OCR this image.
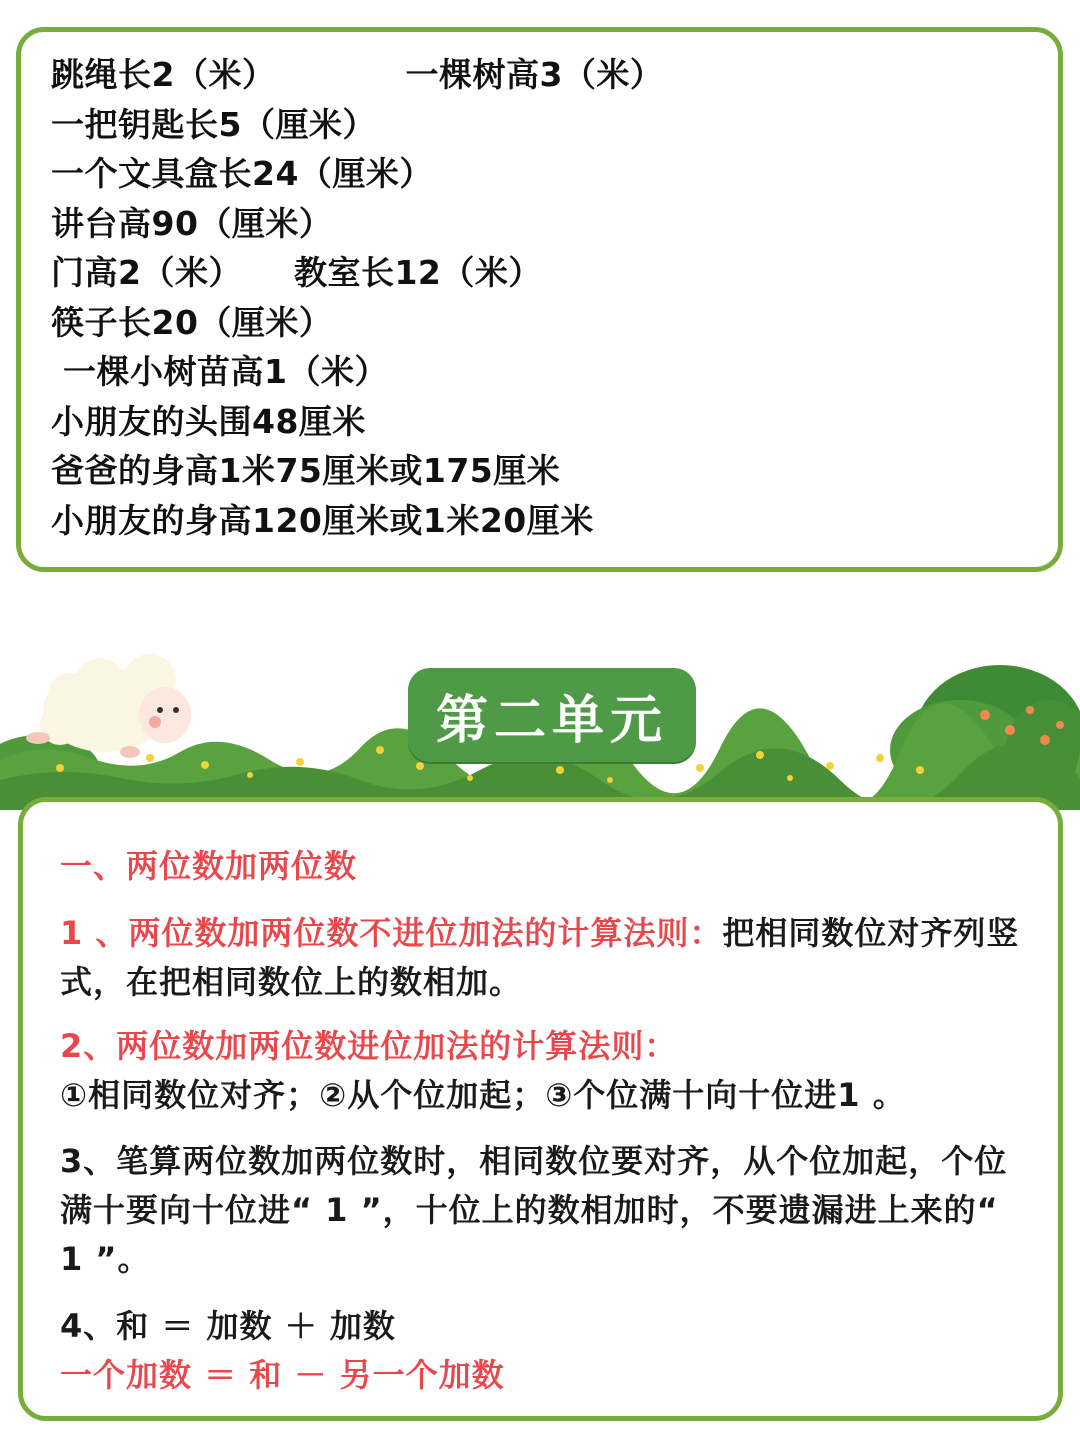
跳绳长2（米）	一棵树高3（米）
一把钥匙长5（厘米）
一个文具盒长24（厘米）
讲台高90（厘米）
门高2（米） 教室长12（米）
筷子长20（厘米）
一棵小树苗高1（米）
小朋友的头围48厘米
爸爸的身高1米75厘米或175厘米
小朋友的身高120厘米或1米20厘米
第二单元
一、两位数加两位数
1 、两位数加两位数不进位加法的计算法则：把相同数位对齐列竖式，在把相同数位上的数相加。
2、两位数加两位数进位加法的计算法则：
①相同数位对齐；②从个位加起；③个位满十向十位进1 。
3、笔算两位数加两位数时，相同数位要对齐，从个位加起，个位满十要向十位进“ 1 ”，十位上的数相加时，不要遗漏进上来的“ 1 ”。
4、和 ＝ 加数 ＋ 加数
一个加数 ＝ 和 － 另一个加数
